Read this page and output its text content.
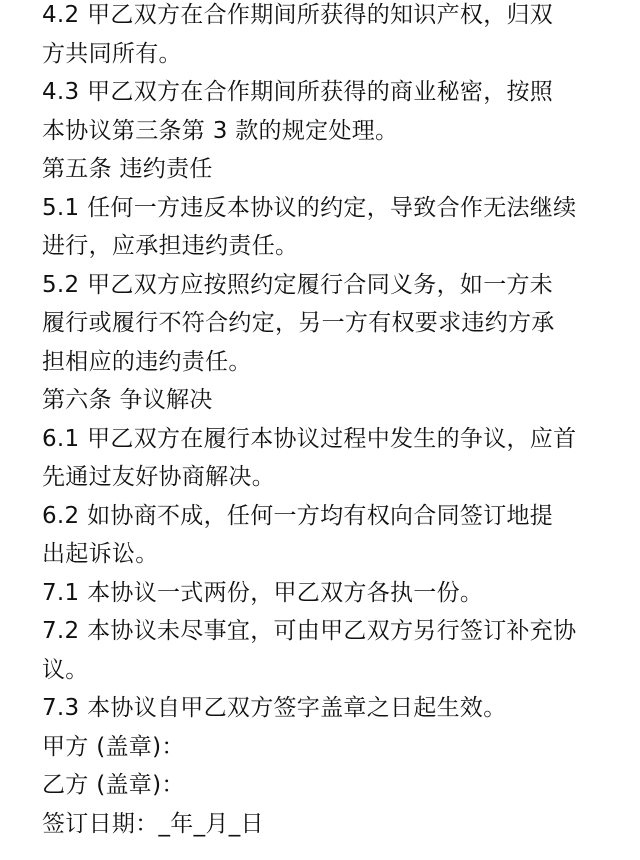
4.2 甲乙双方在合作期间所获得的知识产权，归双
方共同所有。
4.3 甲乙双方在合作期间所获得的商业秘密，按照
本协议第三条第 3 款的规定处理。
第五条 违约责任
5.1 任何一方违反本协议的约定，导致合作无法继续
进行，应承担违约责任。
5.2 甲乙双方应按照约定履行合同义务，如一方未
履行或履行不符合约定，另一方有权要求违约方承
担相应的违约责任。
第六条 争议解决
6.1 甲乙双方在履行本协议过程中发生的争议，应首
先通过友好协商解决。
6.2 如协商不成，任何一方均有权向合同签订地提
出起诉讼。
7.1 本协议一式两份，甲乙双方各执一份。
7.2 本协议未尽事宜，可由甲乙双方另行签订补充协
议。
7.3 本协议自甲乙双方签字盖章之日起生效。
甲方 (盖章)：
乙方 (盖章)：
签订日期：_年_月_日
